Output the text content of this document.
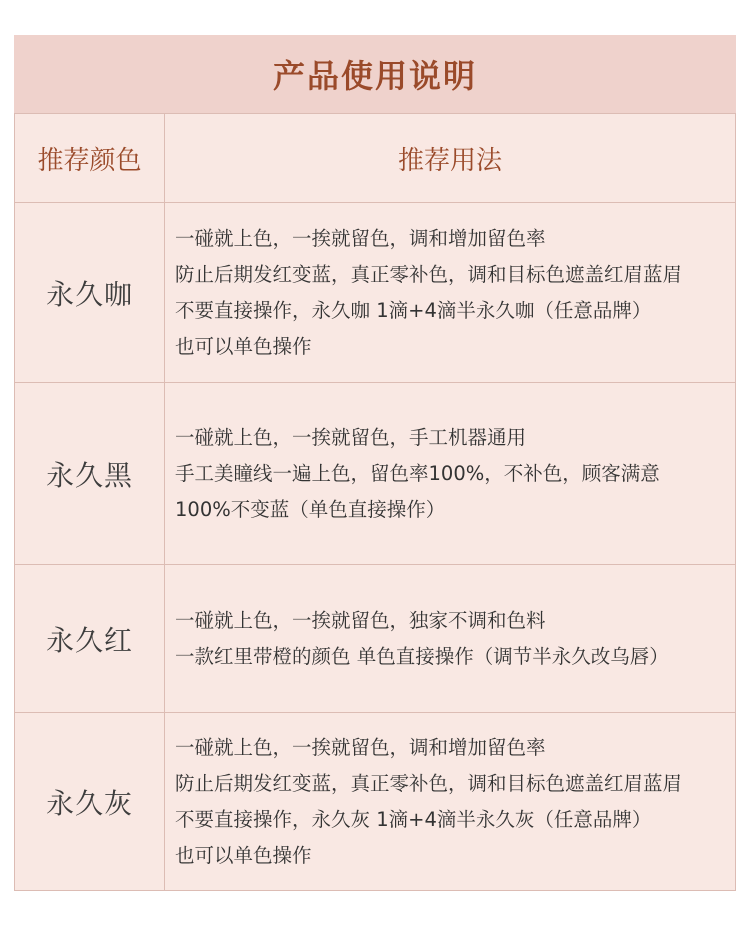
产品使用说明
推荐颜色	推荐用法
永久咖
一碰就上色，一挨就留色，调和增加留色率
防止后期发红变蓝，真正零补色，调和目标色遮盖红眉蓝眉
不要直接操作，永久咖 1滴+4滴半永久咖（任意品牌）
也可以单色操作
永久黑
一碰就上色，一挨就留色，手工机器通用
手工美瞳线一遍上色，留色率100%，不补色，顾客满意
100%不变蓝（单色直接操作）
永久红
一碰就上色，一挨就留色，独家不调和色料
一款红里带橙的颜色 单色直接操作（调节半永久改乌唇）
永久灰
一碰就上色，一挨就留色，调和增加留色率
防止后期发红变蓝，真正零补色，调和目标色遮盖红眉蓝眉
不要直接操作，永久灰 1滴+4滴半永久灰（任意品牌）
也可以单色操作
